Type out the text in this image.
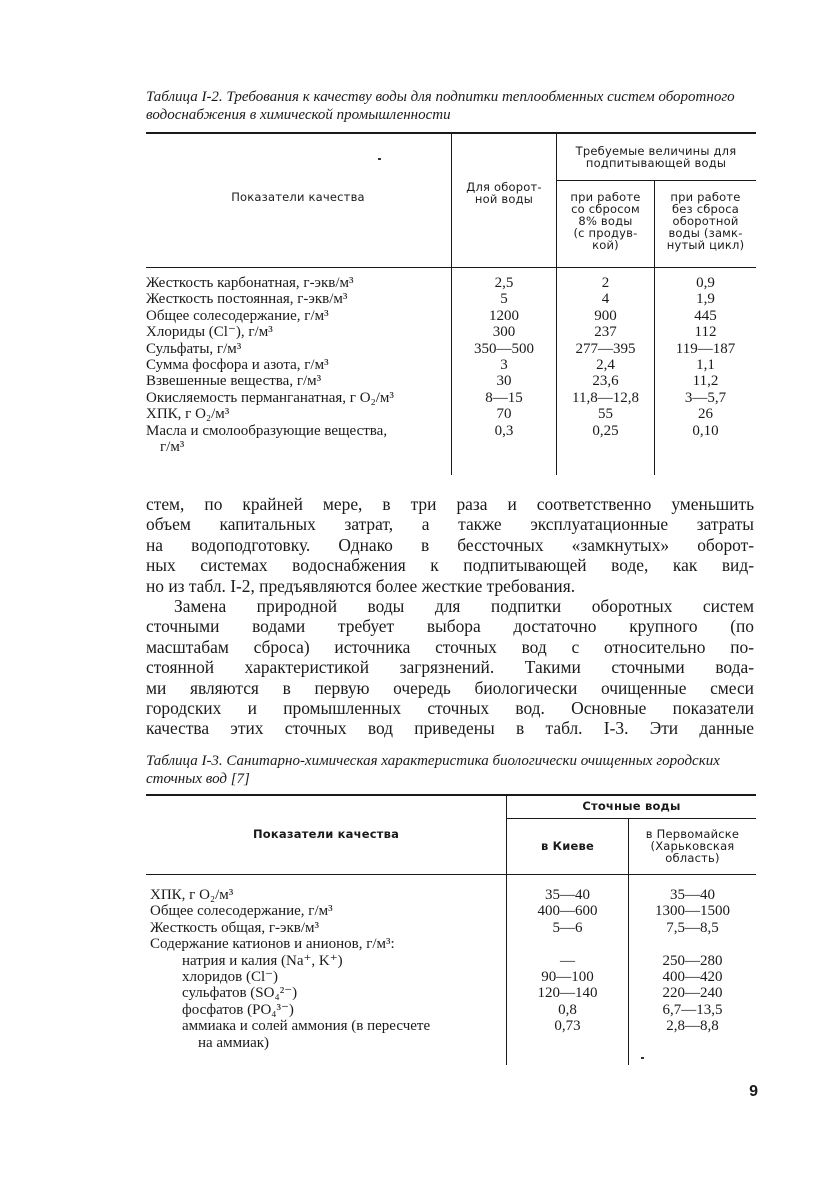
Таблица I-2. Требования к качеству воды для подпитки теплообменных систем оборотного водоснабжения в химической промышленности
Показатели качества
Для оборот-
ной воды
Требуемые величины для
подпитывающей воды
при работе
со сбросом
8% воды
(с продув-
кой)
при работе
без сброса
оборотной
воды (замк-
нутый цикл)
Жесткость карбонатная, г-экв/м³
Жесткость постоянная, г-экв/м³
Общее солесодержание, г/м³
Хлориды (Cl⁻), г/м³
Сульфаты, г/м³
Сумма фосфора и азота, г/м³
Взвешенные вещества, г/м³
Окисляемость перманганатная, г O₂/м³
ХПК, г O₂/м³
Масла и смолообразующие вещества,
г/м³
2,5
5
1200
300
350—500
3
30
8—15
70
0,3
2
4
900
237
277—395
2,4
23,6
11,8—12,8
55
0,25
0,9
1,9
445
112
119—187
1,1
11,2
3—5,7
26
0,10
стем, по крайней мере, в три раза и соответственно уменьшить
объем капитальных затрат, а также эксплуатационные затраты
на водоподготовку. Однако в бессточных «замкнутых» оборот-
ных системах водоснабжения к подпитывающей воде, как вид-
но из табл. I-2, предъявляются более жесткие требования.
Замена природной воды для подпитки оборотных систем
сточными водами требует выбора достаточно крупного (по
масштабам сброса) источника сточных вод с относительно по-
стоянной характеристикой загрязнений. Такими сточными вода-
ми являются в первую очередь биологически очищенные смеси
городских и промышленных сточных вод. Основные показатели
качества этих сточных вод приведены в табл. I-3. Эти данные
Таблица I-3. Санитарно-химическая характеристика биологически очищенных городских сточных вод [7]
Показатели качества
Сточные воды
в Киеве
в Первомайске
(Харьковская
область)
ХПК, г O₂/м³
Общее солесодержание, г/м³
Жесткость общая, г-экв/м³
Содержание катионов и анионов, г/м³:
натрия и калия (Na⁺, K⁺)
хлоридов (Cl⁻)
сульфатов (SO₄²⁻)
фосфатов (PO₄³⁻)
аммиака и солей аммония (в пересчете
на аммиак)
35—40
400—600
5—6

—
90—100
120—140
0,8
0,73
35—40
1300—1500
7,5—8,5

250—280
400—420
220—240
6,7—13,5
2,8—8,8
9
